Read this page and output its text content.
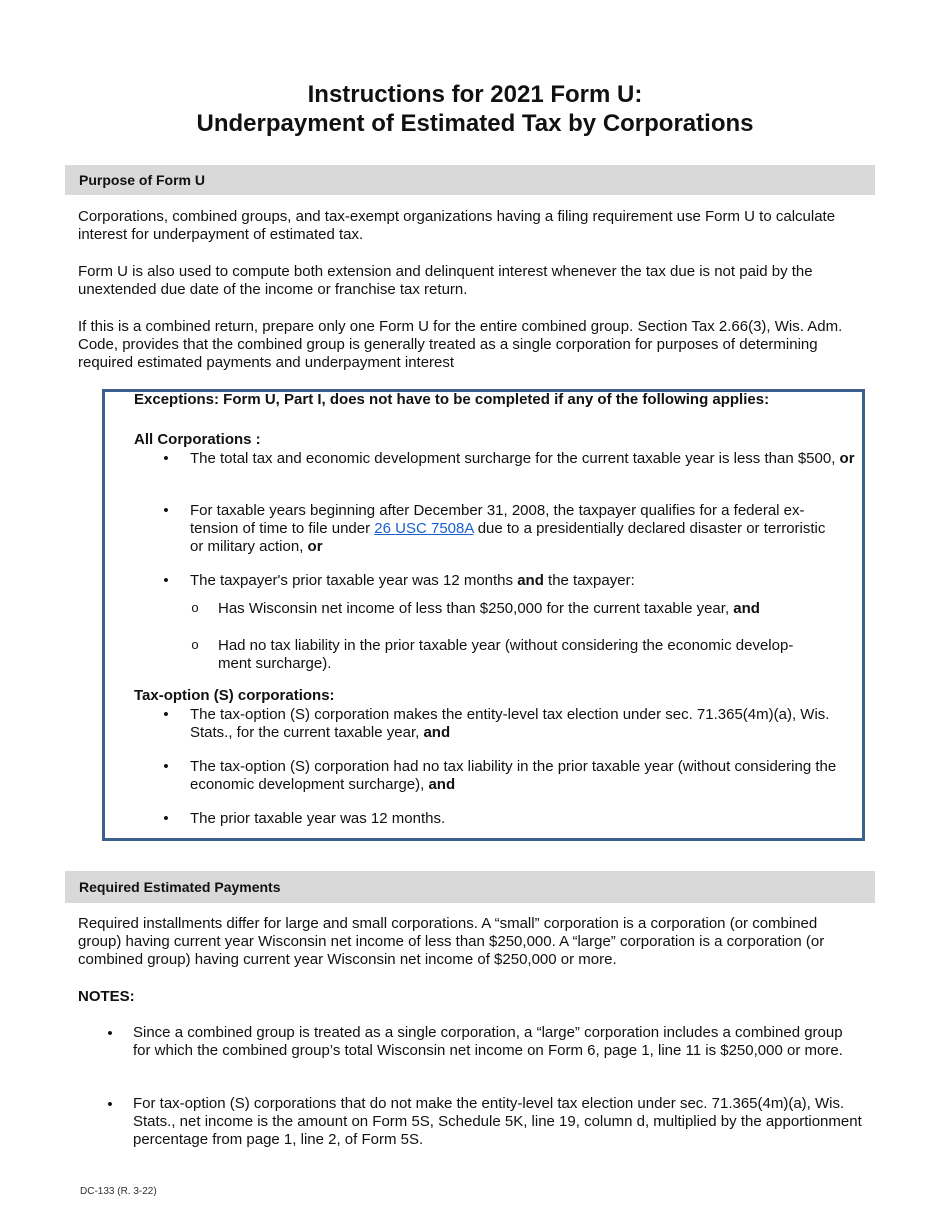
Instructions for 2021 Form U:
Underpayment of Estimated Tax by Corporations
Purpose of Form U
Corporations, combined groups, and tax-exempt organizations having a filing requirement use Form U to calculate interest for underpayment of estimated tax.
Form U is also used to compute both extension and delinquent interest whenever the tax due is not paid by the unextended due date of the income or franchise tax return.
If this is a combined return, prepare only one Form U for the entire combined group. Section Tax 2.66(3), Wis. Adm. Code, provides that the combined group is generally treated as a single corporation for purposes of determining required estimated payments and underpayment interest
Exceptions: Form U, Part I, does not have to be completed if any of the following applies:
All Corporations :
•	The total tax and economic development surcharge for the current taxable year is less than $500, or
•	For taxable years beginning after December 31, 2008, the taxpayer qualifies for a federal extension of time to file under 26 USC 7508A due to a presidentially declared disaster or terroristic or military action, or
•	The taxpayer's prior taxable year was 12 months and the taxpayer:
o	Has Wisconsin net income of less than $250,000 for the current taxable year, and
o	Had no tax liability in the prior taxable year (without considering the economic development surcharge).
Tax-option (S) corporations:
•	The tax-option (S) corporation makes the entity-level tax election under sec. 71.365(4m)(a), Wis. Stats., for the current taxable year, and
•	The tax-option (S) corporation had no tax liability in the prior taxable year (without considering the economic development surcharge), and
•	The prior taxable year was 12 months.
Required Estimated Payments
Required installments differ for large and small corporations. A “small” corporation is a corporation (or combined group) having current year Wisconsin net income of less than $250,000. A “large” corporation is a corporation (or combined group) having current year Wisconsin net income of $250,000 or more.
NOTES:
•	Since a combined group is treated as a single corporation, a “large” corporation includes a combined group for which the combined group’s total Wisconsin net income on Form 6, page 1, line 11 is $250,000 or more.
•	For tax-option (S) corporations that do not make the entity-level tax election under sec. 71.365(4m)(a), Wis. Stats., net income is the amount on Form 5S, Schedule 5K, line 19, column d, multiplied by the apportionment percentage from page 1, line 2, of Form 5S.
DC-133 (R. 3-22)
